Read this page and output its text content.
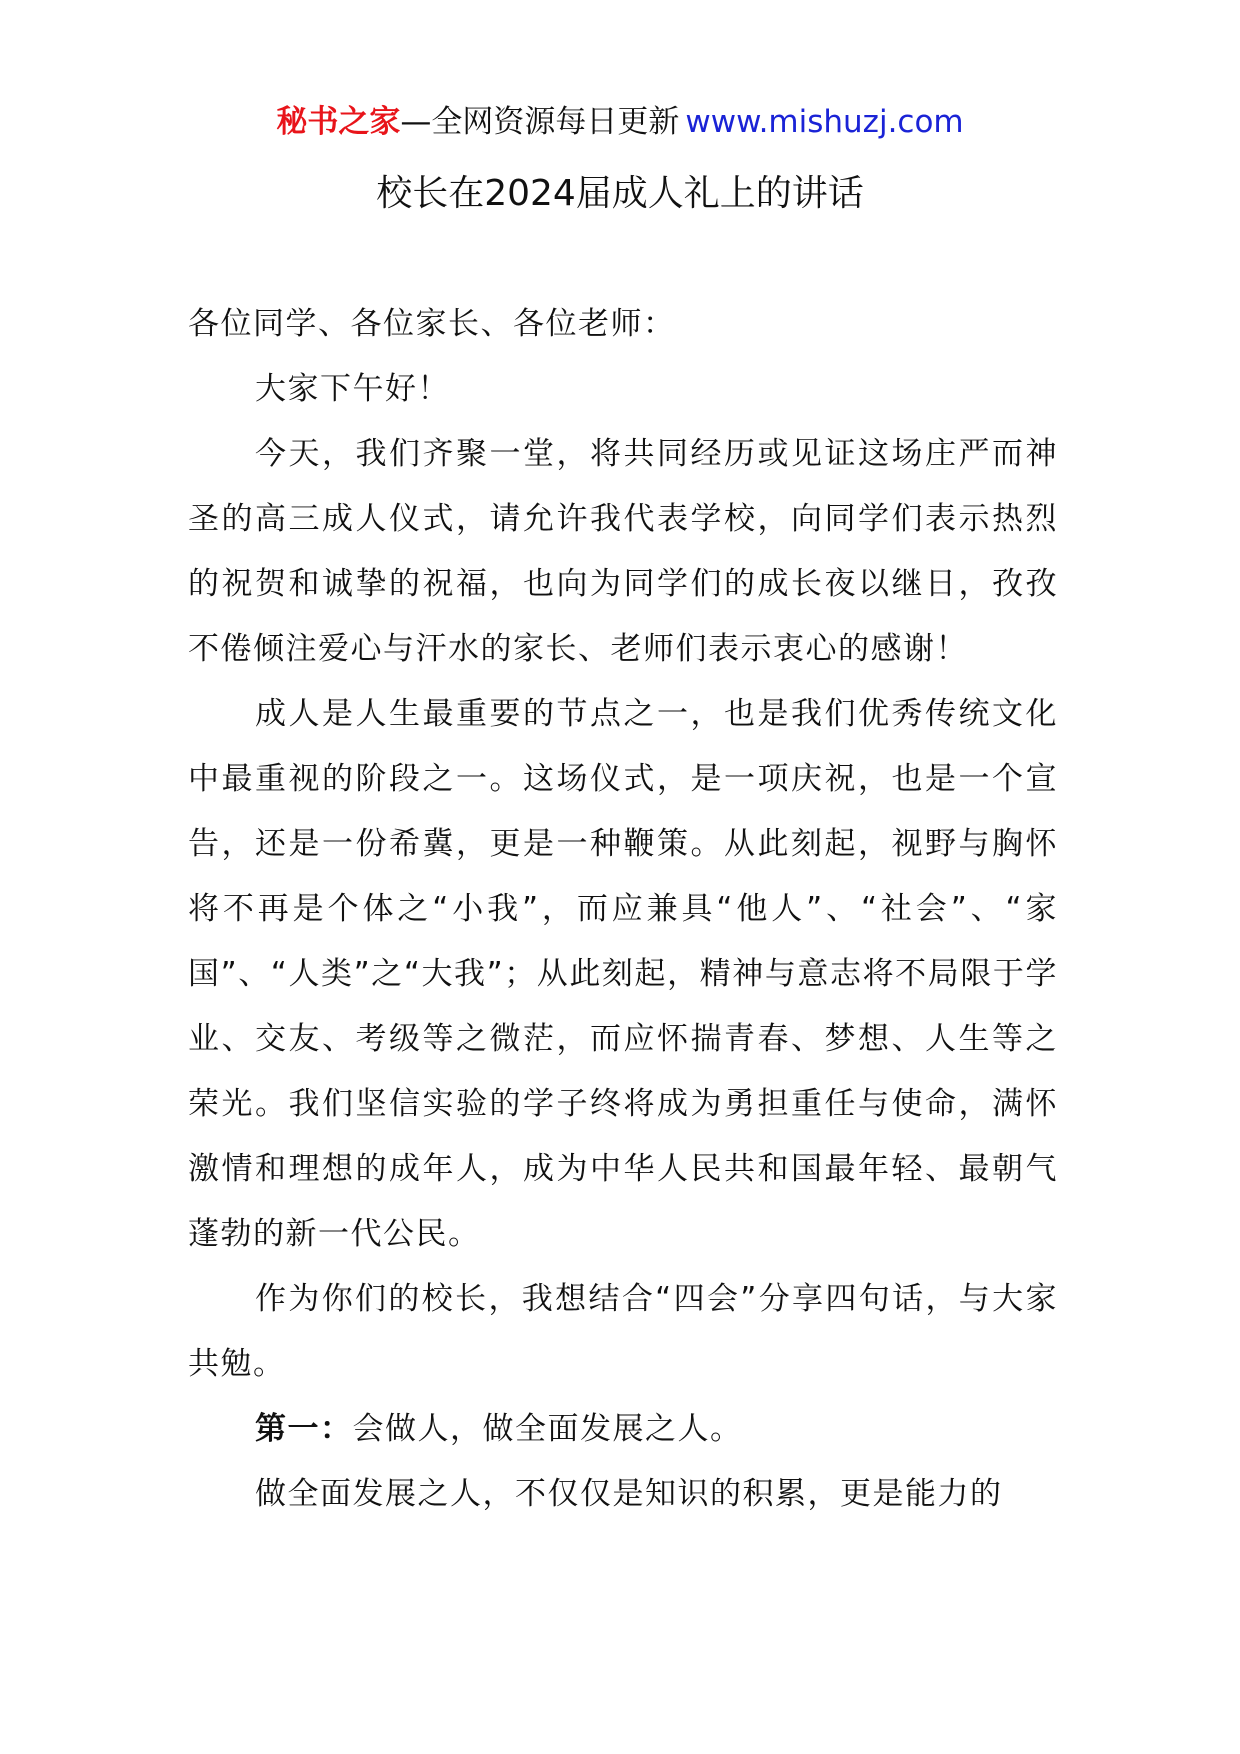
秘书之家—全网资源每日更新 www.mishuzj.com
校长在2024届成人礼上的讲话

各位同学、各位家长、各位老师：

大家下午好！

今天，我们齐聚一堂，将共同经历或见证这场庄严而神圣的高三成人仪式，请允许我代表学校，向同学们表示热烈的祝贺和诚挚的祝福，也向为同学们的成长夜以继日，孜孜不倦倾注爱心与汗水的家长、老师们表示衷心的感谢！

成人是人生最重要的节点之一，也是我们优秀传统文化中最重视的阶段之一。这场仪式，是一项庆祝，也是一个宣告，还是一份希冀，更是一种鞭策。从此刻起，视野与胸怀将不再是个体之“小我”，而应兼具“他人”、“社会”、“家国”、“人类”之“大我”；从此刻起，精神与意志将不局限于学业、交友、考级等之微茫，而应怀揣青春、梦想、人生等之荣光。我们坚信实验的学子终将成为勇担重任与使命，满怀激情和理想的成年人，成为中华人民共和国最年轻、最朝气蓬勃的新一代公民。

作为你们的校长，我想结合“四会”分享四句话，与大家共勉。

第一：会做人，做全面发展之人。

做全面发展之人，不仅仅是知识的积累，更是能力的
